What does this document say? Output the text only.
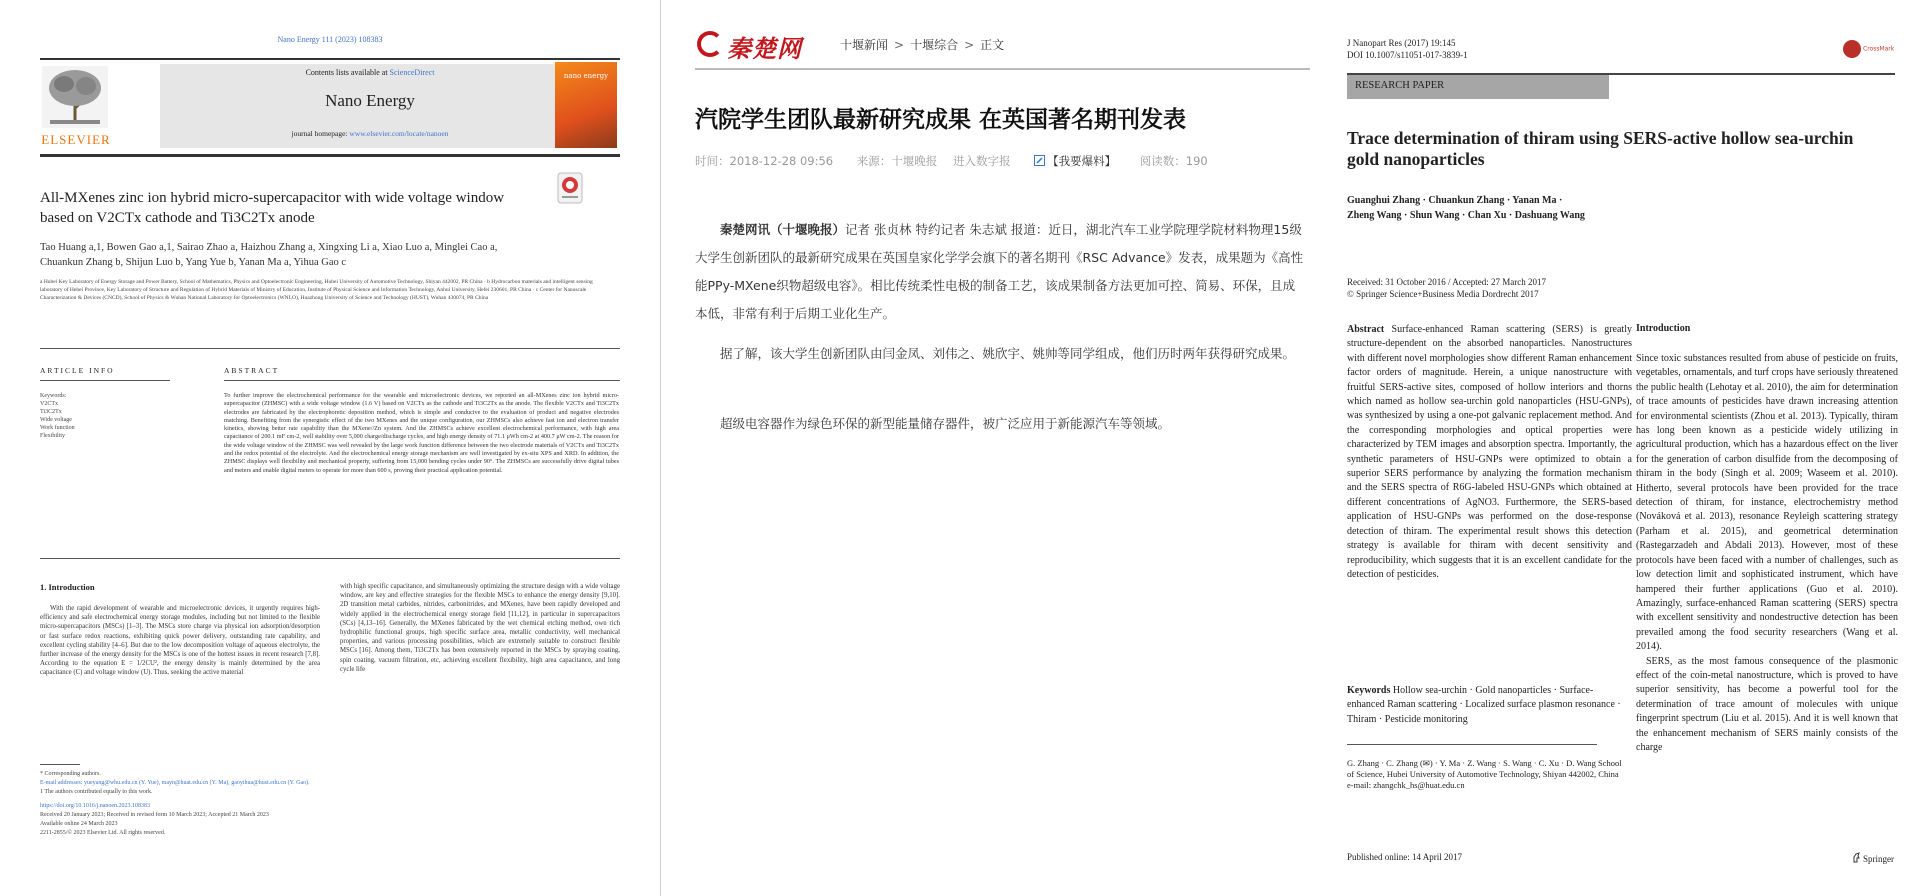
Nano Energy 111 (2023) 108383
ELSEVIER
Contents lists available at ScienceDirect
Nano Energy
journal homepage: www.elsevier.com/locate/nanoen
nano energy
All-MXenes zinc ion hybrid micro-supercapacitor with wide voltage window based on V2CTx cathode and Ti3C2Tx anode
Tao Huang a,1, Bowen Gao a,1, Sairao Zhao a, Haizhou Zhang a, Xingxing Li a, Xiao Luo a, Minglei Cao a, Chuankun Zhang b, Shijun Luo b, Yang Yue b, Yanan Ma a, Yihua Gao c
a Hubei Key Laboratory of Energy Storage and Power Battery, School of Mathematics, Physics and Optoelectronic Engineering, Hubei University of Automotive Technology, Shiyan 442002, PR China · b Hydrocarbon materials and intelligent sensing laboratory of Hebei Province, Key Laboratory of Structure and Regulation of Hybrid Materials of Ministry of Education, Institute of Physical Science and Information Technology, Anhui University, Hefei 230601, PR China · c Center for Nanoscale Characterization & Devices (CNCD), School of Physics & Wuhan National Laboratory for Optoelectronics (WNLO), Huazhong University of Science and Technology (HUST), Wuhan 430074, PR China
ARTICLE INFO	ABSTRACT
Keywords:
V2CTx
Ti3C2Tx
Wide voltage
Work function
Flexibility
To further improve the electrochemical performance for the wearable and microelectronic devices, we reported an all-MXenes zinc ion hybrid micro-supercapacitor (ZHMSC) with a wide voltage window (1.6 V) based on V2CTx as the cathode and Ti3C2Tx as the anode. The flexible V2CTx and Ti3C2Tx electrodes are fabricated by the electrophoretic deposition method, which is simple and conducive to the evaluation of product and negative electrodes matching. Benefiting from the synergistic effect of the two MXenes and the unique configuration, our ZHMSCs also achieve fast ion and electron transfer kinetics, showing better rate capability than the MXene//Zn system. And the ZHMSCs achieve excellent electrochemical performance, with high area capacitance of 200.1 mF cm-2, well stability over 5,000 charge/discharge cycles, and high energy density of 71.1 μWh cm-2 at 400.7 μW cm-2. The reason for the wide voltage window of the ZHMSC was well revealed by the large work function difference between the two electrode materials of V2CTx and Ti3C2Tx and the redox potential of the electrolyte. And the electrochemical energy storage mechanism are well investigated by ex-situ XPS and XRD. In addition, the ZHMSC displays well flexibility and mechanical property, suffering from 15,000 bending cycles under 90°. The ZHMSCs are successfully drive digital tubes and meters and enable digital meters to operate for more than 600 s, proving their practical application potential.
1. Introduction
With the rapid development of wearable and microelectronic devices, it urgently requires high-efficiency and safe electrochemical energy storage modules, including but not limited to the flexible micro-supercapacitors (MSCs) [1–3]. The MSCs store charge via physical ion adsorption/desorption or fast surface redox reactions, exhibiting quick power delivery, outstanding rate capability, and excellent cycling stability [4–6]. But due to the low decomposition voltage of aqueous electrolyte, the further increase of the energy density for the MSCs is one of the hottest issues in recent research [7,8]. According to the equation E = 1/2CU², the energy density is mainly determined by the area capacitance (C) and voltage window (U). Thus, seeking the active material
with high specific capacitance, and simultaneously optimizing the structure design with a wide voltage window, are key and effective strategies for the flexible MSCs to enhance the energy density [9,10]. 2D transition metal carbides, nitrides, carbonitrides, and MXenes, have been rapidly developed and widely applied in the electrochemical energy storage field [11,12], in particular in supercapacitors (SCs) [4,13–16]. Generally, the MXenes fabricated by the wet chemical etching method, own rich hydrophilic functional groups, high specific surface area, metallic conductivity, well mechanical properties, and various processing possibilities, which are extremely suitable to construct flexible MSCs [16]. Among them, Ti3C2Tx has been extensively reported in the MSCs by spraying coating, spin coating, vacuum filtration, etc, achieving excellent flexibility, high area capacitance, and long cycle life
* Corresponding authors.
E-mail addresses: yueyang@whu.edu.cn (Y. Yue), mayn@huat.edu.cn (Y. Ma), gaoyihua@hust.edu.cn (Y. Gao).
1 The authors contributed equally to this work.
https://doi.org/10.1016/j.nanoen.2023.108383
Received 20 January 2023; Received in revised form 10 March 2023; Accepted 21 March 2023
Available online 24 March 2023
2211-2855/© 2023 Elsevier Ltd. All rights reserved.
秦楚网	十堰新闻 > 十堰综合 > 正文
汽院学生团队最新研究成果 在英国著名期刊发表
时间：2018-12-28 09:56 来源：十堰晚报 进入数字报	【我要爆料】 阅读数：190
秦楚网讯（十堰晚报）记者 张贞林 特约记者 朱志斌 报道：近日，湖北汽车工业学院理学院材料物理15级大学生创新团队的最新研究成果在英国皇家化学学会旗下的著名期刊《RSC Advance》发表，成果题为《高性能PPy-MXene织物超级电容》。相比传统柔性电极的制备工艺，该成果制备方法更加可控、简易、环保，且成本低，非常有利于后期工业化生产。
据了解，该大学生创新团队由闫金凤、刘伟之、姚欣宇、姚帅等同学组成，他们历时两年获得研究成果。
超级电容器作为绿色环保的新型能量储存器件，被广泛应用于新能源汽车等领域。
J Nanopart Res (2017) 19:145
DOI 10.1007/s11051-017-3839-1
CrossMark
RESEARCH PAPER
Trace determination of thiram using SERS-active hollow sea-urchin gold nanoparticles
Guanghui Zhang · Chuankun Zhang · Yanan Ma · Zheng Wang · Shun Wang · Chan Xu · Dashuang Wang
Received: 31 October 2016 / Accepted: 27 March 2017
© Springer Science+Business Media Dordrecht 2017
Abstract Surface-enhanced Raman scattering (SERS) is greatly structure-dependent on the absorbed nanoparticles. Nanostructures with different novel morphologies show different Raman enhancement factor orders of magnitude. Herein, a unique nanostructure with fruitful SERS-active sites, composed of hollow interiors and thorns which named as hollow sea-urchin gold nanoparticles (HSU-GNPs), was synthesized by using a one-pot galvanic replacement method. And the corresponding morphologies and optical properties were characterized by TEM images and absorption spectra. Importantly, the synthetic parameters of HSU-GNPs were optimized to obtain a superior SERS performance by analyzing the formation mechanism and the SERS spectra of R6G-labeled HSU-GNPs which obtained at different concentrations of AgNO3. Furthermore, the SERS-based application of HSU-GNPs was performed on the dose-response detection of thiram. The experimental result shows this detection strategy is available for thiram with decent sensitivity and reproducibility, which suggests that it is an excellent candidate for the detection of pesticides.
Keywords Hollow sea-urchin · Gold nanoparticles · Surface-enhanced Raman scattering · Localized surface plasmon resonance · Thiram · Pesticide monitoring
G. Zhang · C. Zhang (✉) · Y. Ma · Z. Wang · S. Wang · C. Xu · D. Wang School of Science, Hubei University of Automotive Technology, Shiyan 442002, China e-mail: zhangchk_hs@huat.edu.cn
Published online: 14 April 2017	Springer
Introduction

Since toxic substances resulted from abuse of pesticide on fruits, vegetables, ornamentals, and turf crops have seriously threatened the public health (Lehotay et al. 2010), the aim for determination of trace amounts of pesticides have drawn increasing attention for environmental scientists (Zhou et al. 2013). Typically, thiram has long been known as a pesticide widely utilizing in agricultural production, which has a hazardous effect on the liver for the generation of carbon disulfide from the decomposing of thiram in the body (Singh et al. 2009; Waseem et al. 2010). Hitherto, several protocols have been provided for the trace detection of thiram, for instance, electrochemistry method (Nováková et al. 2013), resonance Reyleigh scattering strategy (Parham et al. 2015), and geometrical determination (Rastegarzadeh and Abdali 2013). However, most of these protocols have been faced with a number of challenges, such as low detection limit and sophisticated instrument, which have hampered their further applications (Guo et al. 2010). Amazingly, surface-enhanced Raman scattering (SERS) spectra with excellent sensitivity and nondestructive detection has been prevailed among the food security researchers (Wang et al. 2014).

SERS, as the most famous consequence of the plasmonic effect of the coin-metal nanostructure, which is proved to have superior sensitivity, has become a powerful tool for the determination of trace amount of molecules with unique fingerprint spectrum (Liu et al. 2015). And it is well known that the enhancement mechanism of SERS mainly consists of the charge
